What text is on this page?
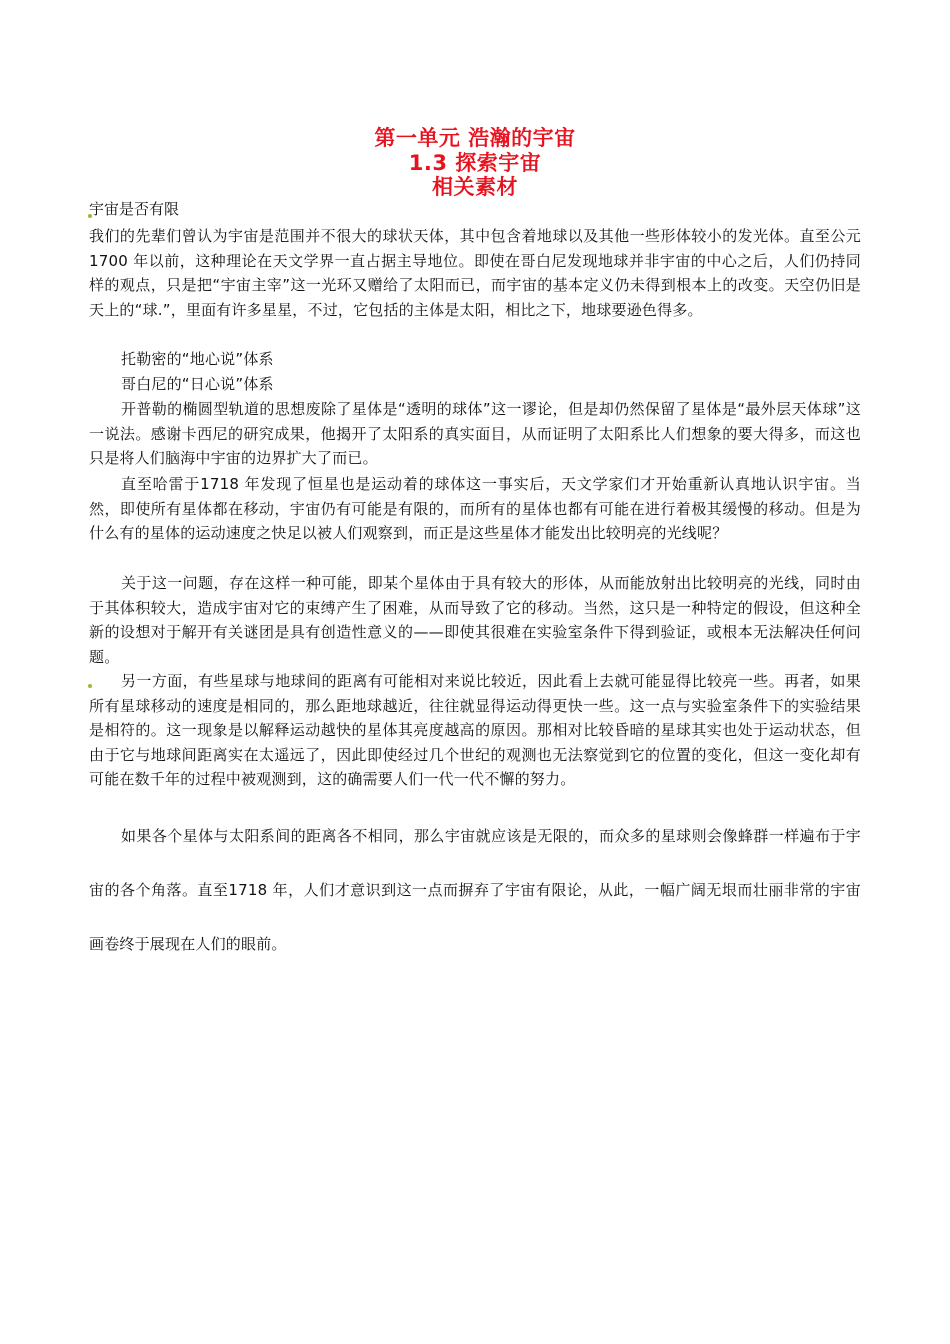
第一单元 浩瀚的宇宙
1.3 探索宇宙
相关素材
宇宙是否有限

我们的先辈们曾认为宇宙是范围并不很大的球状天体，其中包含着地球以及其他一些形体较小的发光体。直至公元1700 年以前，这种理论在天文学界一直占据主导地位。即使在哥白尼发现地球并非宇宙的中心之后，人们仍持同样的观点，只是把“宇宙主宰”这一光环又赠给了太阳而已，而宇宙的基本定义仍未得到根本上的改变。天空仍旧是天上的“球.”，里面有许多星星，不过，它包括的主体是太阳，相比之下，地球要逊色得多。

托勒密的“地心说”体系

哥白尼的“日心说”体系

开普勒的椭圆型轨道的思想废除了星体是“透明的球体”这一谬论，但是却仍然保留了星体是“最外层天体球”这一说法。感谢卡西尼的研究成果，他揭开了太阳系的真实面目，从而证明了太阳系比人们想象的要大得多，而这也只是将人们脑海中宇宙的边界扩大了而已。

直至哈雷于1718 年发现了恒星也是运动着的球体这一事实后，天文学家们才开始重新认真地认识宇宙。当然，即使所有星体都在移动，宇宙仍有可能是有限的，而所有的星体也都有可能在进行着极其缓慢的移动。但是为什么有的星体的运动速度之快足以被人们观察到，而正是这些星体才能发出比较明亮的光线呢？

关于这一问题，存在这样一种可能，即某个星体由于具有较大的形体，从而能放射出比较明亮的光线，同时由于其体积较大，造成宇宙对它的束缚产生了困难，从而导致了它的移动。当然，这只是一种特定的假设，但这种全新的设想对于解开有关谜团是具有创造性意义的——即使其很难在实验室条件下得到验证，或根本无法解决任何问题。

另一方面，有些星球与地球间的距离有可能相对来说比较近，因此看上去就可能显得比较亮一些。再者，如果所有星球移动的速度是相同的，那么距地球越近，往往就显得运动得更快一些。这一点与实验室条件下的实验结果是相符的。这一现象是以解释运动越快的星体其亮度越高的原因。那相对比较昏暗的星球其实也处于运动状态，但由于它与地球间距离实在太遥远了，因此即使经过几个世纪的观测也无法察觉到它的位置的变化，但这一变化却有可能在数千年的过程中被观测到，这的确需要人们一代一代不懈的努力。

如果各个星体与太阳系间的距离各不相同，那么宇宙就应该是无限的，而众多的星球则会像蜂群一样遍布于宇宙的各个角落。直至1718 年，人们才意识到这一点而摒弃了宇宙有限论，从此，一幅广阔无垠而壮丽非常的宇宙画卷终于展现在人们的眼前。
